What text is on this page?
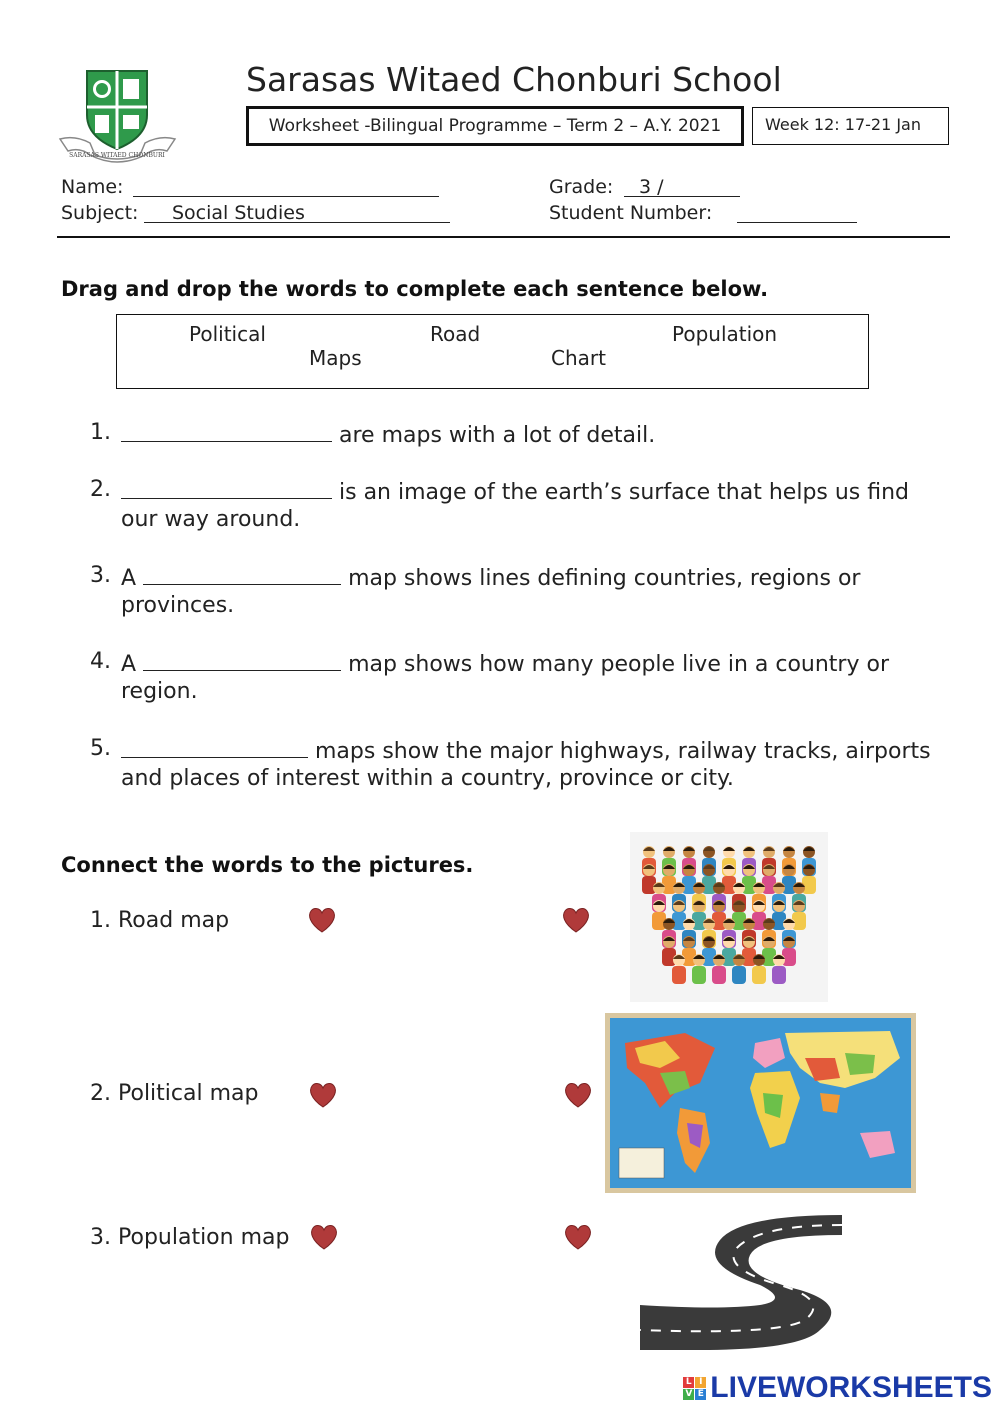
SARASAS WITAED CHONBURI
Sarasas Witaed Chonburi School
Worksheet -Bilingual Programme – Term 2 – A.Y. 2021	Week 12: 17-21 Jan
Name:
Subject: Social Studies
Grade: 3 /
Student Number:
Drag and drop the words to complete each sentence below.
Political	Road	Population
Maps	Chart
1.	are maps with a lot of detail.
2.	is an image of the earth’s surface that helps us find
our way around.
3. A	map shows lines defining countries, regions or
provinces.
4. A	map shows how many people live in a country or
region.
5.	maps show the major highways, railway tracks, airports
and places of interest within a country, province or city.
Connect the words to the pictures.
1. Road map
2. Political map
3. Population map
L I
V E LIVEWORKSHEETS
